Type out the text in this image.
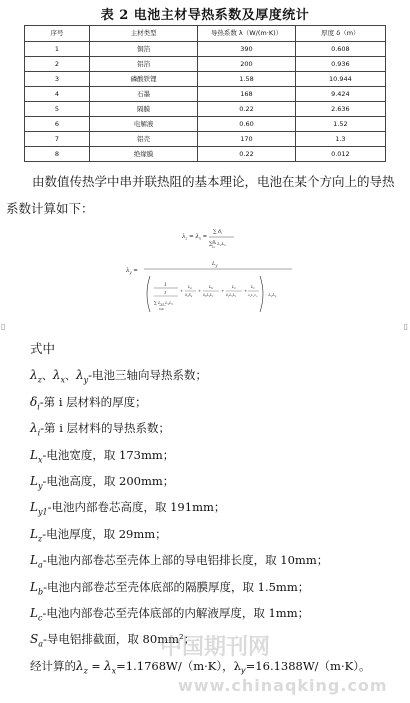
表 2 电池主材导热系数及厚度统计
序号	主材类型	导热系数 λ（W/(m·K)）	厚度 δ（m）
1	铜箔	390	0.608
2	铝箔	200	0.936
3	磷酸铁锂	1.58	10.944
4	石墨	168	9.424
5	隔膜	0.22	2.636
6	电解液	0.60	1.52
7	铝壳	170	1.3
8	绝缘膜	0.22	0.012
由数值传热学中串并联热阻的基本理论，电池在某个方向上的导热系数计算如下：
$\lambda_z = \lambda_x$ =
∑ $\delta_i$
∑$^\delta_i$ $_{Lx}^L_z$
λi
$\lambda_y$ =
$L_y$
1
1
∑ $L_{y1}$ $L_xL_z$
δiλi
+
$L_a$
$\lambda_aS_a$
+
$L_b$
$\lambda_bL_xL_z$
+
$L_c$
$\lambda_cL_xL_z$
+
$L_c$
$\lambda_cL_xL_z \cdot L_xL_y$
▯	▯
式中
$\lambda_z$、$\lambda_x$、$\lambda_y-$电池三轴向导热系数；
$\delta_i-$第 i 层材料的厚度；
$\lambda_i-$第 i 层材料的导热系数；
$L_x-$电池宽度，取 173mm；
$L_y-$电池高度，取 200mm；
$L_{y1}-$电池内部卷芯高度，取 191mm；
$L_z-$电池厚度，取 29mm；
$L_a-$电池内部卷芯至壳体上部的导电铝排长度，取 10mm；
$L_b-$电池内部卷芯至壳体底部的隔膜厚度，取 1.5mm；
$L_c-$电池内部卷芯至壳体底部的内解液厚度，取 1mm；
$S_a-$导电铝排截面，取 80mm²；
经计算的$\lambda_z = \lambda_x=1.1768W/(m\cdot K)$，$\lambda_y=16.1388W/(m\cdot K)$。
中国期刊网
www.chinaqking.com
